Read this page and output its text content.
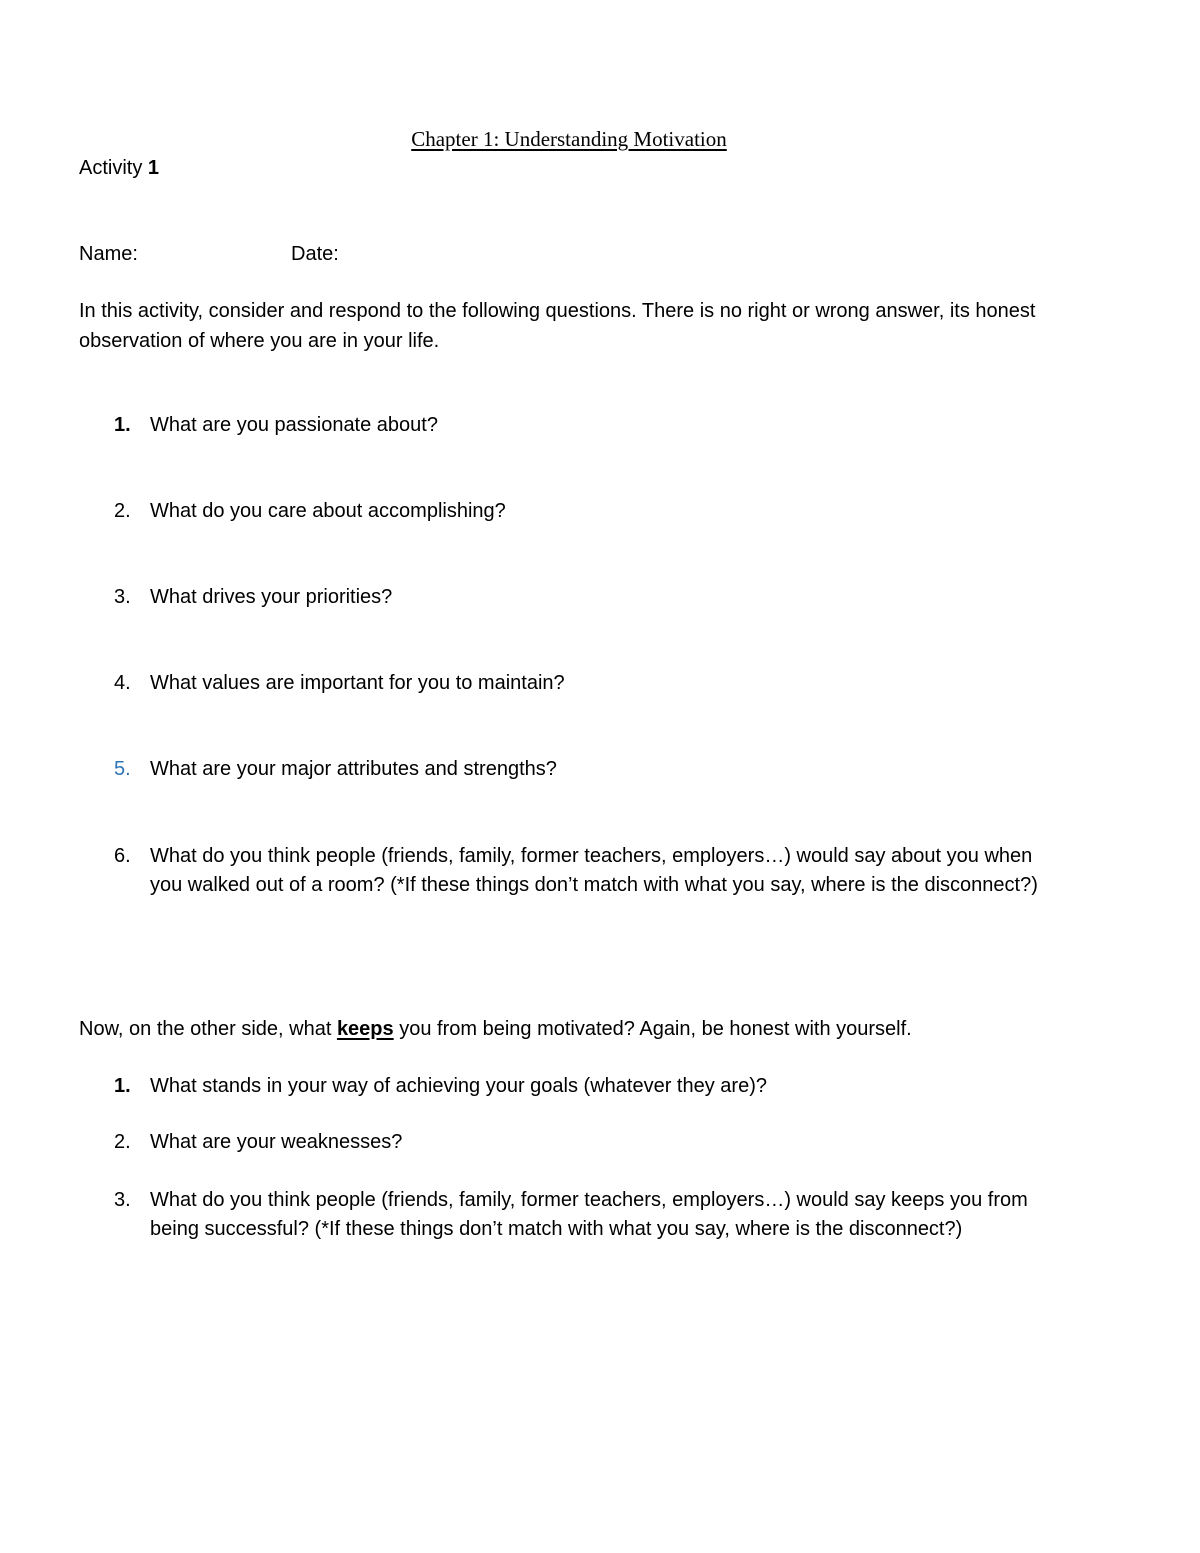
Chapter 1: Understanding Motivation
Activity 1
Name:	Date:
In this activity, consider and respond to the following questions. There is no right or wrong answer, its honest observation of where you are in your life.
1. What are you passionate about?
2. What do you care about accomplishing?
3. What drives your priorities?
4. What values are important for you to maintain?
5. What are your major attributes and strengths?
6. What do you think people (friends, family, former teachers, employers…) would say about you when you walked out of a room? (*If these things don’t match with what you say, where is the disconnect?)
Now, on the other side, what keeps you from being motivated? Again, be honest with yourself.
1. What stands in your way of achieving your goals (whatever they are)?
2. What are your weaknesses?
3. What do you think people (friends, family, former teachers, employers…) would say keeps you from being successful? (*If these things don’t match with what you say, where is the disconnect?)
